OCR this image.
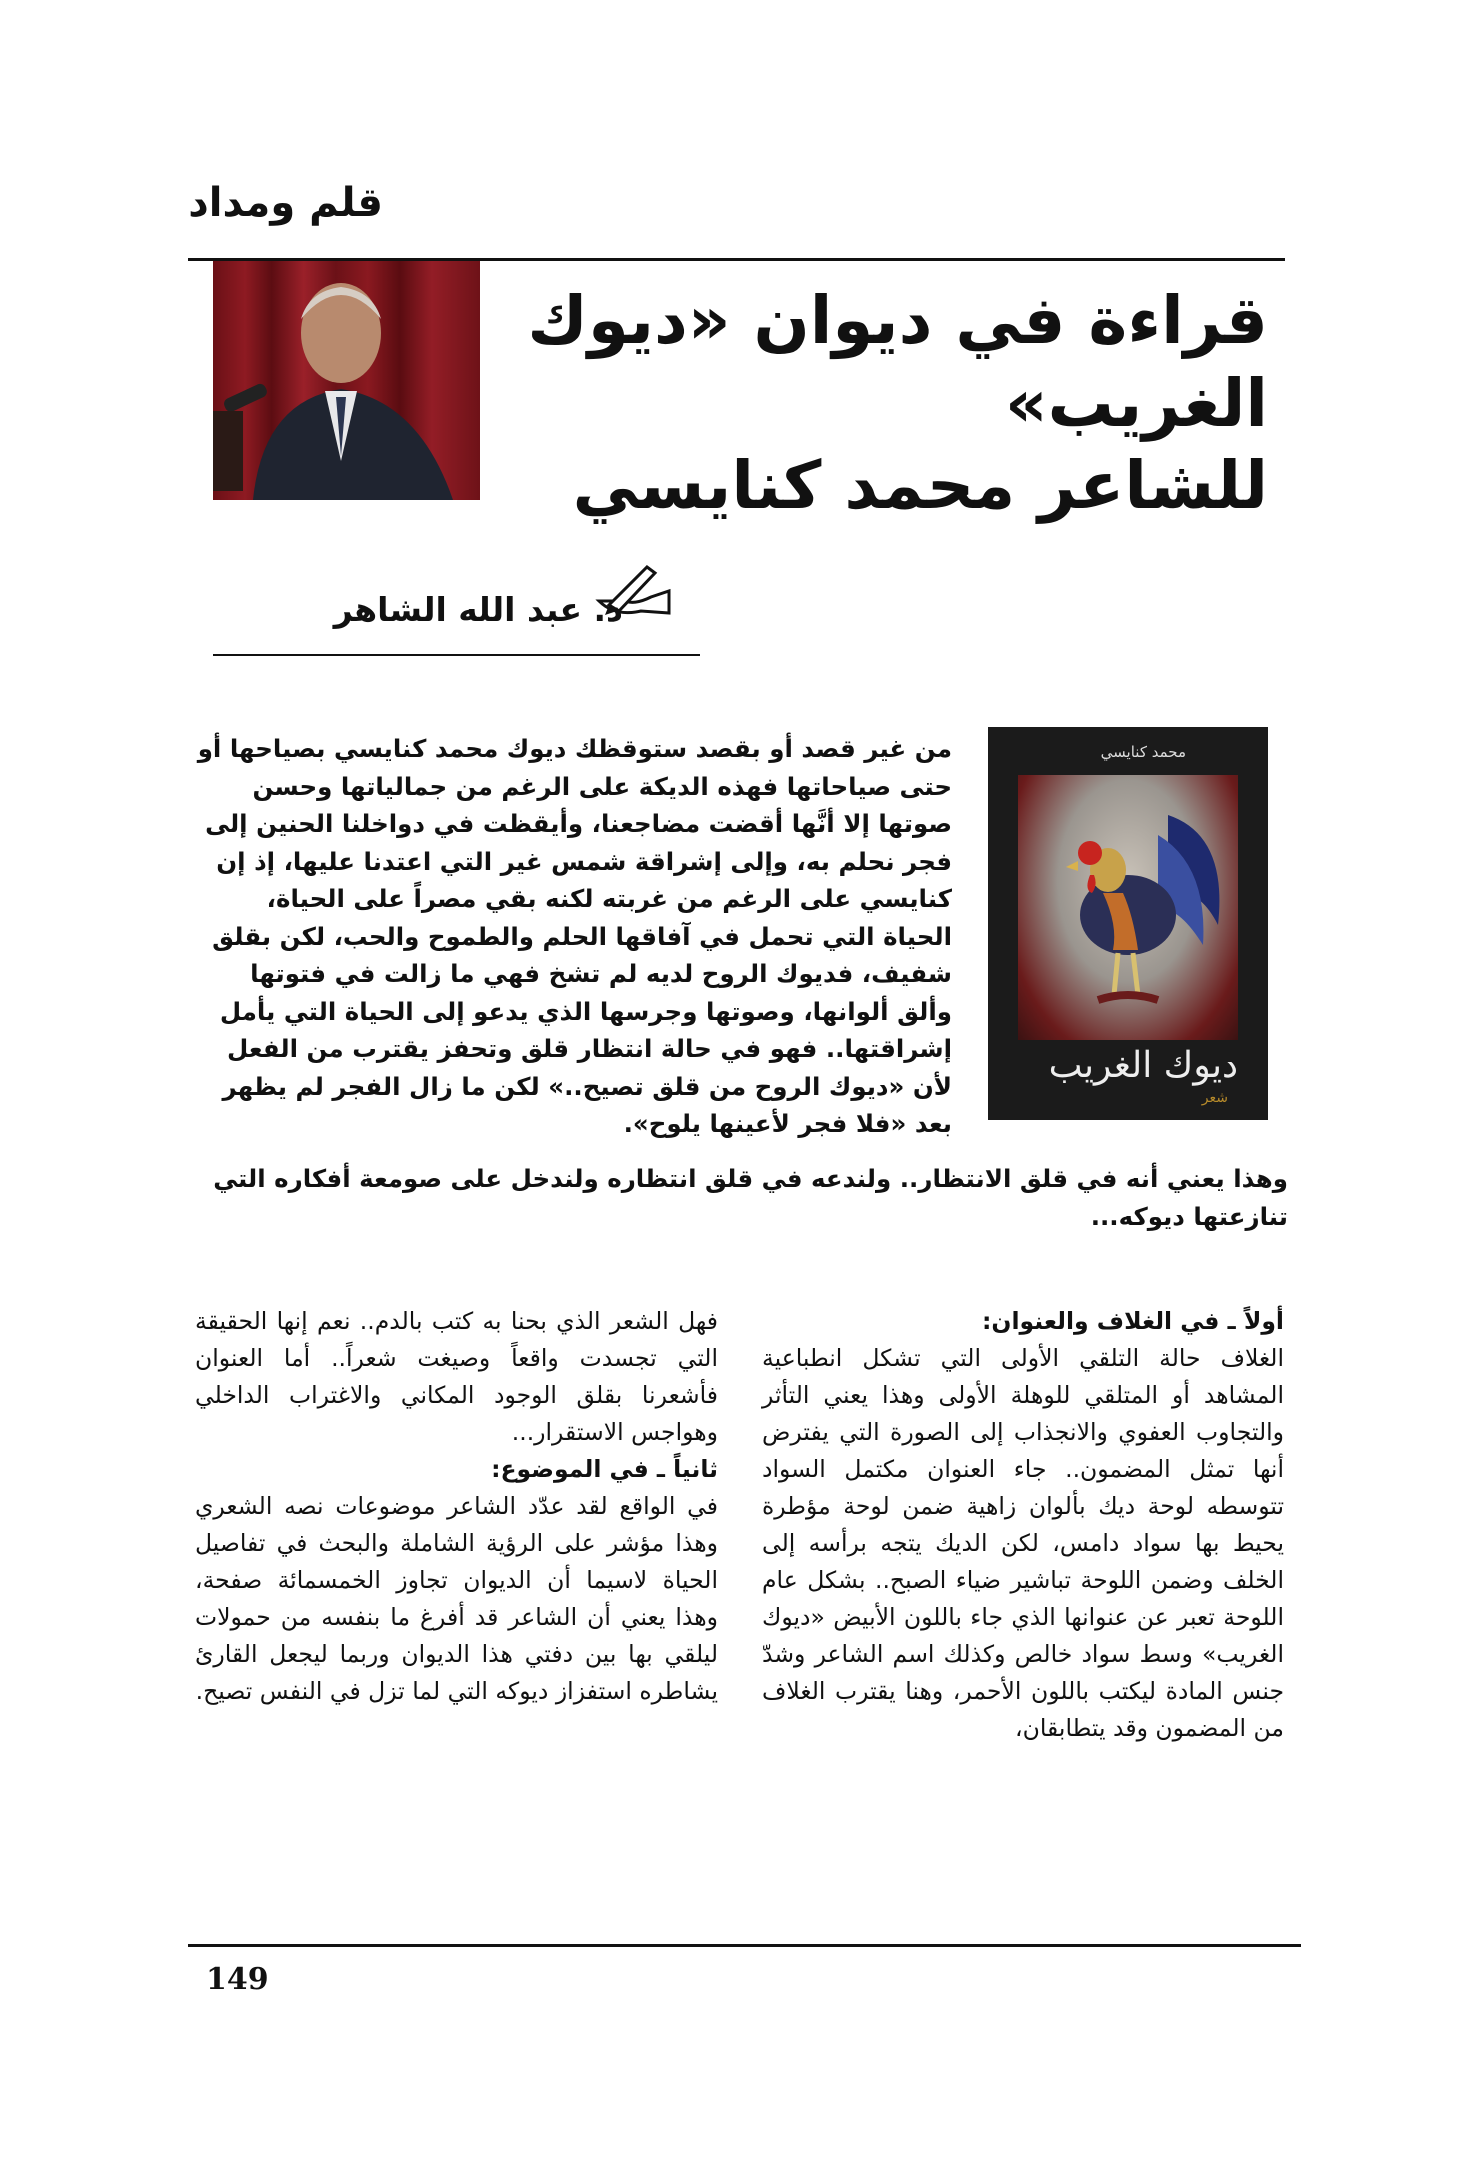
قلم ومداد
قراءة في ديوان «ديوك
الغريب»
للشاعر محمد كنايسي
د. عبد الله الشاهر
محمد كنايسي
ديوك الغريب
شعر
من غير قصد أو بقصد ستوقظك ديوك محمد كنايسي بصياحها أو حتى صياحاتها فهذه الديكة على الرغم من جمالياتها وحسن صوتها إلا أنَّها أقضت مضاجعنا، وأيقظت في دواخلنا الحنين إلى فجر نحلم به، وإلى إشراقة شمس غير التي اعتدنا عليها، إذ إن كنايسي على الرغم من غربته لكنه بقي مصراً على الحياة، الحياة التي تحمل في آفاقها الحلم والطموح والحب، لكن بقلق شفيف، فديوك الروح لديه لم تشخ فهي ما زالت في فتوتها وألق ألوانها، وصوتها وجرسها الذي يدعو إلى الحياة التي يأمل إشراقتها.. فهو في حالة انتظار قلق وتحفز يقترب من الفعل لأن «ديوك الروح من قلق تصيح..» لكن ما زال الفجر لم يظهر بعد «فلا فجر لأعينها يلوح».
وهذا يعني أنه في قلق الانتظار.. ولندعه في قلق انتظاره ولندخل على صومعة أفكاره التي تنازعتها ديوكه...
أولاً ـ في الغلاف والعنوان:

الغلاف حالة التلقي الأولى التي تشكل انطباعية المشاهد أو المتلقي للوهلة الأولى وهذا يعني التأثر والتجاوب العفوي والانجذاب إلى الصورة التي يفترض أنها تمثل المضمون.. جاء العنوان مكتمل السواد تتوسطه لوحة ديك بألوان زاهية ضمن لوحة مؤطرة يحيط بها سواد دامس، لكن الديك يتجه برأسه إلى الخلف وضمن اللوحة تباشير ضياء الصبح.. بشكل عام اللوحة تعبر عن عنوانها الذي جاء باللون الأبيض «ديوك الغريب» وسط سواد خالص وكذلك اسم الشاعر وشدّ جنس المادة ليكتب باللون الأحمر، وهنا يقترب الغلاف من المضمون وقد يتطابقان،

فهل الشعر الذي بحنا به كتب بالدم.. نعم إنها الحقيقة التي تجسدت واقعاً وصيغت شعراً.. أما العنوان فأشعرنا بقلق الوجود المكاني والاغتراب الداخلي وهواجس الاستقرار...

ثانياً ـ في الموضوع:

في الواقع لقد عدّد الشاعر موضوعات نصه الشعري وهذا مؤشر على الرؤية الشاملة والبحث في تفاصيل الحياة لاسيما أن الديوان تجاوز الخمسمائة صفحة، وهذا يعني أن الشاعر قد أفرغ ما بنفسه من حمولات ليلقي بها بين دفتي هذا الديوان وربما ليجعل القارئ يشاطره استفزاز ديوكه التي لما تزل في النفس تصيح.

149
